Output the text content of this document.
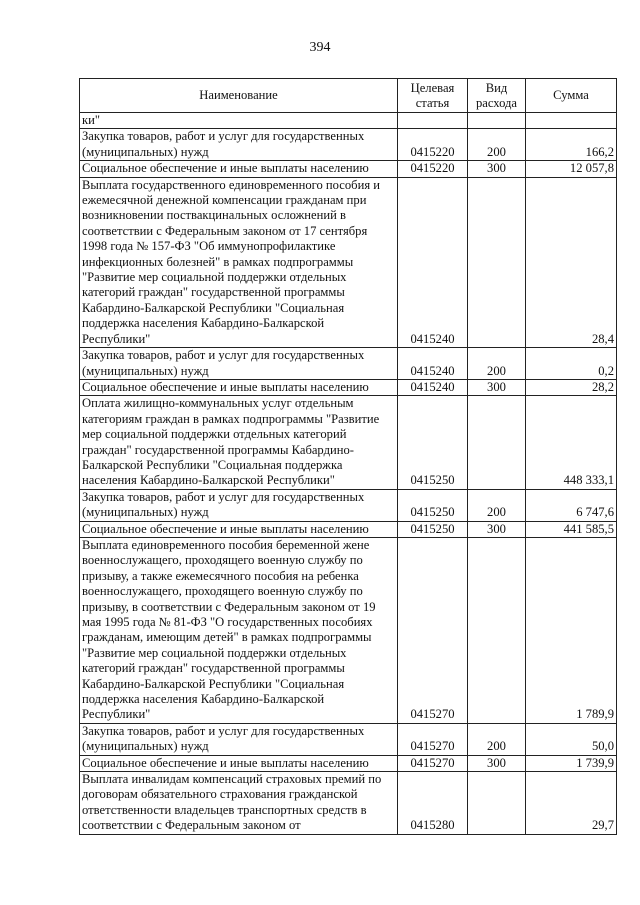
394
Наименование	Целевая статья	Вид расхода	Сумма
ки"			
Закупка товаров, работ и услуг для государственных (муниципальных) нужд	0415220	200	166,2
Социальное обеспечение и иные выплаты населению	0415220	300	12 057,8
Выплата государственного единовременного пособия и ежемесячной денежной компенсации гражданам при возникновении поствакцинальных осложнений в соответствии с Федеральным законом от 17 сентября 1998 года № 157-ФЗ "Об иммунопрофилактике инфекционных болезней" в рамках подпрограммы "Развитие мер социальной поддержки отдельных категорий граждан" государственной программы Кабардино-Балкарской Республики "Социальная поддержка населения Кабардино-Балкарской Республики"	0415240		28,4
Закупка товаров, работ и услуг для государственных (муниципальных) нужд	0415240	200	0,2
Социальное обеспечение и иные выплаты населению	0415240	300	28,2
Оплата жилищно-коммунальных услуг отдельным категориям граждан в рамках подпрограммы "Развитие мер социальной поддержки отдельных категорий граждан" государственной программы Кабардино-Балкарской Республики "Социальная поддержка населения Кабардино-Балкарской Республики"	0415250		448 333,1
Закупка товаров, работ и услуг для государственных (муниципальных) нужд	0415250	200	6 747,6
Социальное обеспечение и иные выплаты населению	0415250	300	441 585,5
Выплата единовременного пособия беременной жене военнослужащего, проходящего военную службу по призыву, а также ежемесячного пособия на ребенка военнослужащего, проходящего военную службу по призыву, в соответствии с Федеральным законом от 19 мая 1995 года № 81-ФЗ "О государственных пособиях гражданам, имеющим детей" в рамках подпрограммы "Развитие мер социальной поддержки отдельных категорий граждан" государственной программы Кабардино-Балкарской Республики "Социальная поддержка населения Кабардино-Балкарской Республики"	0415270		1 789,9
Закупка товаров, работ и услуг для государственных (муниципальных) нужд	0415270	200	50,0
Социальное обеспечение и иные выплаты населению	0415270	300	1 739,9
Выплата инвалидам компенсаций страховых премий по договорам обязательного страхования гражданской ответственности владельцев транспортных средств в соответствии с Федеральным законом от	0415280		29,7
